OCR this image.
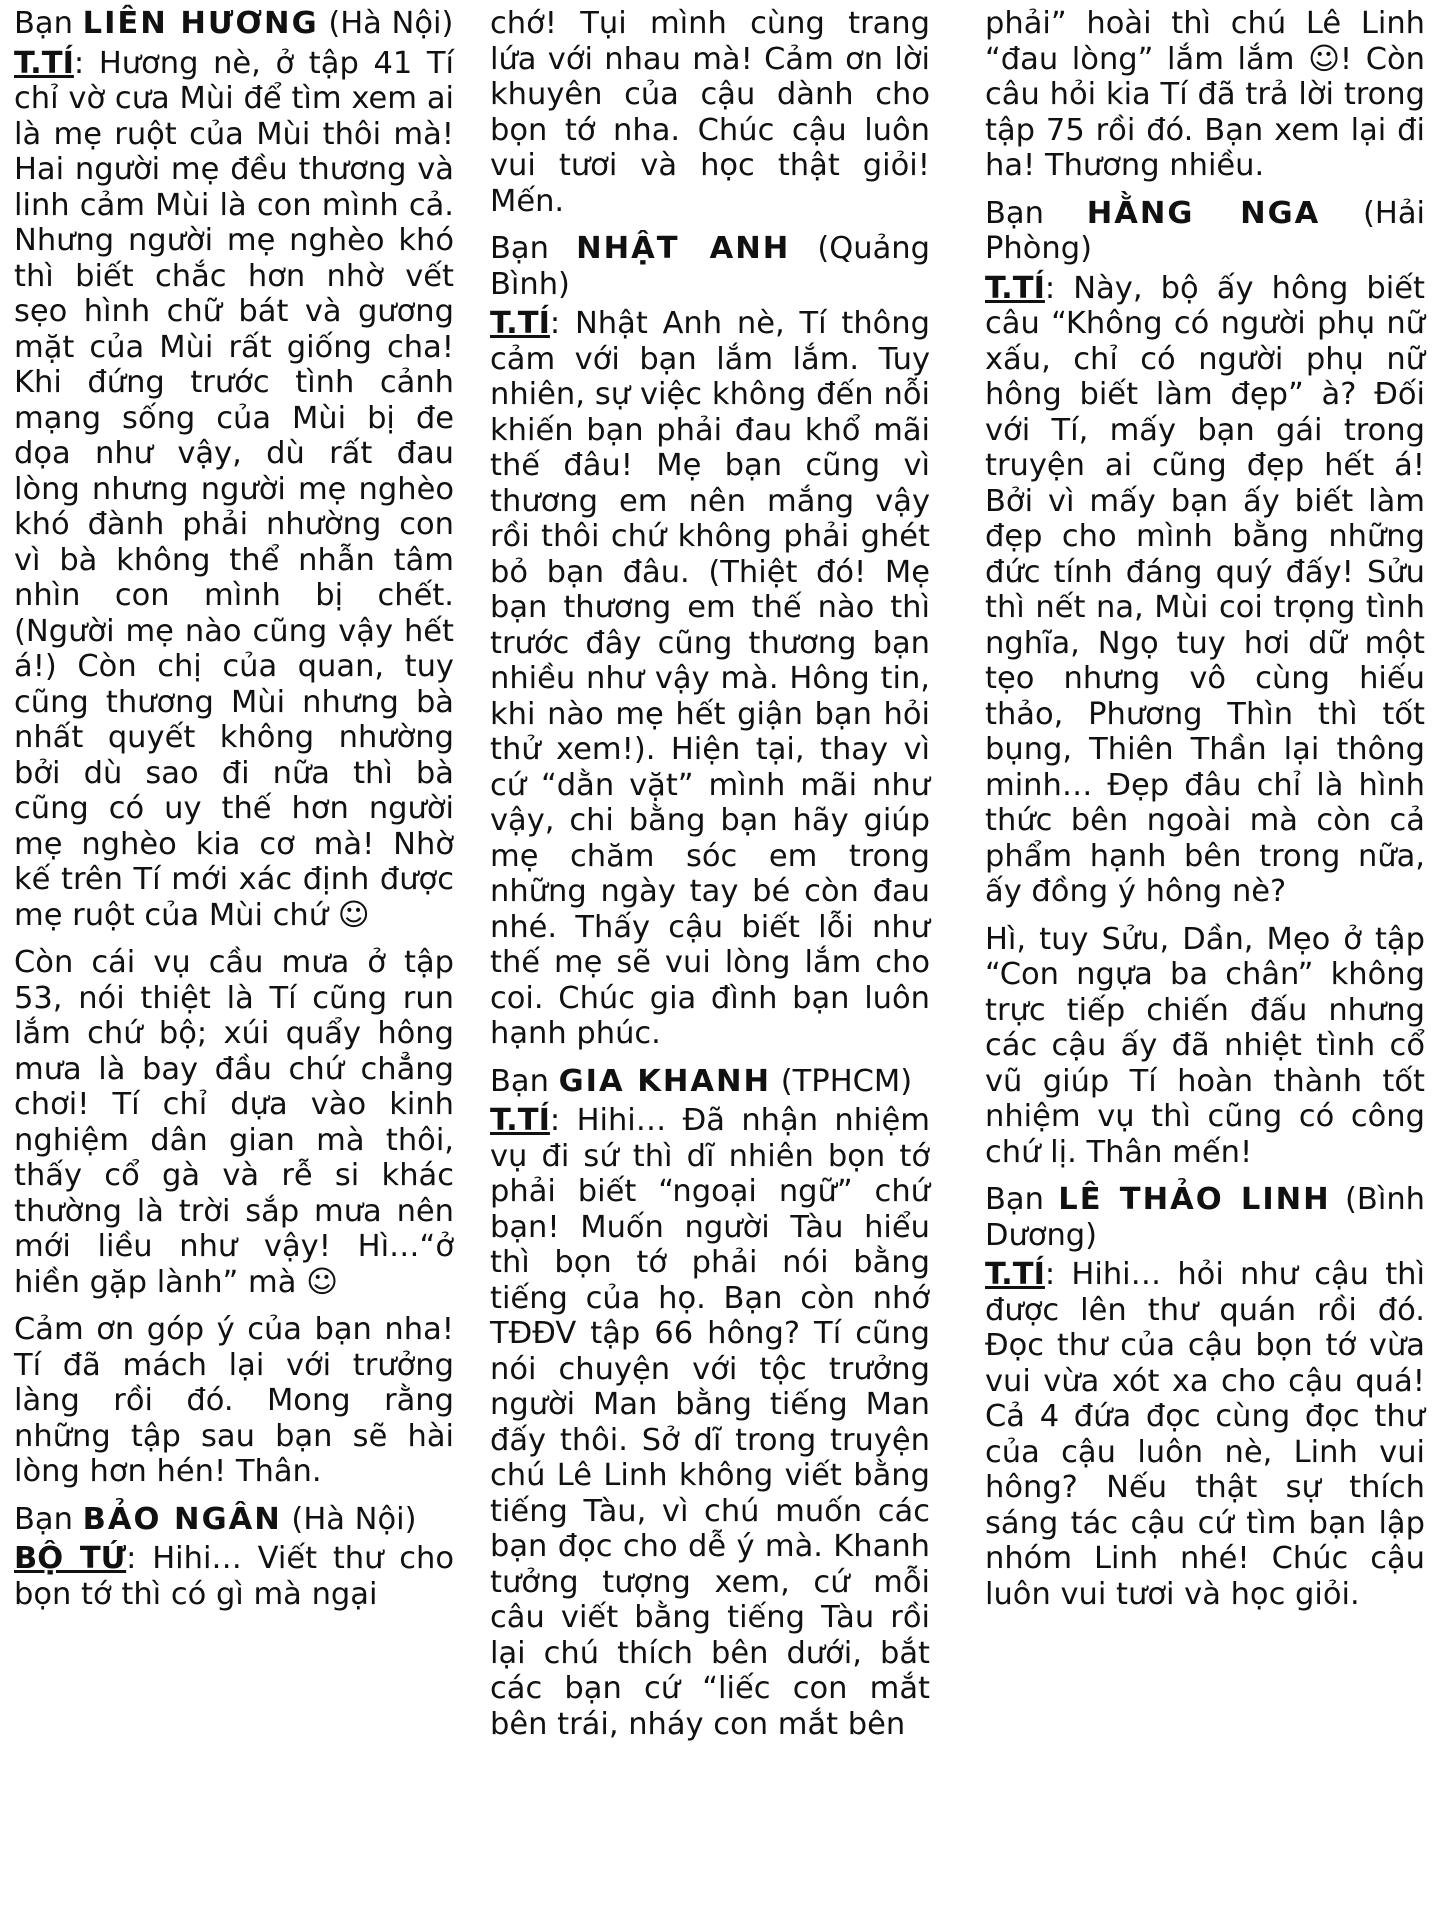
Bạn LIÊN HƯƠNG (Hà Nội)

T.TÍ: Hương nè, ở tập 41 Tí chỉ vờ cưa Mùi để tìm xem ai là mẹ ruột của Mùi thôi mà! Hai người mẹ đều thương và linh cảm Mùi là con mình cả. Nhưng người mẹ nghèo khó thì biết chắc hơn nhờ vết sẹo hình chữ bát và gương mặt của Mùi rất giống cha! Khi đứng trước tình cảnh mạng sống của Mùi bị đe dọa như vậy, dù rất đau lòng nhưng người mẹ nghèo khó đành phải nhường con vì bà không thể nhẫn tâm nhìn con mình bị chết. (Người mẹ nào cũng vậy hết á!) Còn chị của quan, tuy cũng thương Mùi nhưng bà nhất quyết không nhường bởi dù sao đi nữa thì bà cũng có uy thế hơn người mẹ nghèo kia cơ mà! Nhờ kế trên Tí mới xác định được mẹ ruột của Mùi chứ ☺

Còn cái vụ cầu mưa ở tập 53, nói thiệt là Tí cũng run lắm chứ bộ; xúi quẩy hông mưa là bay đầu chứ chẳng chơi! Tí chỉ dựa vào kinh nghiệm dân gian mà thôi, thấy cổ gà và rễ si khác thường là trời sắp mưa nên mới liều như vậy! Hì…“ở hiền gặp lành” mà ☺

Cảm ơn góp ý của bạn nha! Tí đã mách lại với trưởng làng rồi đó. Mong rằng những tập sau bạn sẽ hài lòng hơn hén! Thân.

Bạn BẢO NGÂN (Hà Nội)

BỘ TỨ: Hihi… Viết thư cho bọn tớ thì có gì mà ngại

chớ! Tụi mình cùng trang lứa với nhau mà! Cảm ơn lời khuyên của cậu dành cho bọn tớ nha. Chúc cậu luôn vui tươi và học thật giỏi! Mến.

Bạn NHẬT ANH (Quảng Bình)

T.TÍ: Nhật Anh nè, Tí thông cảm với bạn lắm lắm. Tuy nhiên, sự việc không đến nỗi khiến bạn phải đau khổ mãi thế đâu! Mẹ bạn cũng vì thương em nên mắng vậy rồi thôi chứ không phải ghét bỏ bạn đâu. (Thiệt đó! Mẹ bạn thương em thế nào thì trước đây cũng thương bạn nhiều như vậy mà. Hông tin, khi nào mẹ hết giận bạn hỏi thử xem!). Hiện tại, thay vì cứ “dằn vặt” mình mãi như vậy, chi bằng bạn hãy giúp mẹ chăm sóc em trong những ngày tay bé còn đau nhé. Thấy cậu biết lỗi như thế mẹ sẽ vui lòng lắm cho coi. Chúc gia đình bạn luôn hạnh phúc.

Bạn GIA KHANH (TPHCM)

T.TÍ: Hihi… Đã nhận nhiệm vụ đi sứ thì dĩ nhiên bọn tớ phải biết “ngoại ngữ” chứ bạn! Muốn người Tàu hiểu thì bọn tớ phải nói bằng tiếng của họ. Bạn còn nhớ TĐĐV tập 66 hông? Tí cũng nói chuyện với tộc trưởng người Man bằng tiếng Man đấy thôi. Sở dĩ trong truyện chú Lê Linh không viết bằng tiếng Tàu, vì chú muốn các bạn đọc cho dễ ý mà. Khanh tưởng tượng xem, cứ mỗi câu viết bằng tiếng Tàu rồi lại chú thích bên dưới, bắt các bạn cứ “liếc con mắt bên trái, nháy con mắt bên

phải” hoài thì chú Lê Linh “đau lòng” lắm lắm ☺! Còn câu hỏi kia Tí đã trả lời trong tập 75 rồi đó. Bạn xem lại đi ha! Thương nhiều.

Bạn HẰNG NGA (Hải Phòng)

T.TÍ: Này, bộ ấy hông biết câu “Không có người phụ nữ xấu, chỉ có người phụ nữ hông biết làm đẹp” à? Đối với Tí, mấy bạn gái trong truyện ai cũng đẹp hết á! Bởi vì mấy bạn ấy biết làm đẹp cho mình bằng những đức tính đáng quý đấy! Sửu thì nết na, Mùi coi trọng tình nghĩa, Ngọ tuy hơi dữ một tẹo nhưng vô cùng hiếu thảo, Phương Thìn thì tốt bụng, Thiên Thần lại thông minh… Đẹp đâu chỉ là hình thức bên ngoài mà còn cả phẩm hạnh bên trong nữa, ấy đồng ý hông nè?

Hì, tuy Sửu, Dần, Mẹo ở tập “Con ngựa ba chân” không trực tiếp chiến đấu nhưng các cậu ấy đã nhiệt tình cổ vũ giúp Tí hoàn thành tốt nhiệm vụ thì cũng có công chứ lị. Thân mến!

Bạn LÊ THẢO LINH (Bình Dương)

T.TÍ: Hihi… hỏi như cậu thì được lên thư quán rồi đó. Đọc thư của cậu bọn tớ vừa vui vừa xót xa cho cậu quá! Cả 4 đứa đọc cùng đọc thư của cậu luôn nè, Linh vui hông? Nếu thật sự thích sáng tác cậu cứ tìm bạn lập nhóm Linh nhé! Chúc cậu luôn vui tươi và học giỏi.
